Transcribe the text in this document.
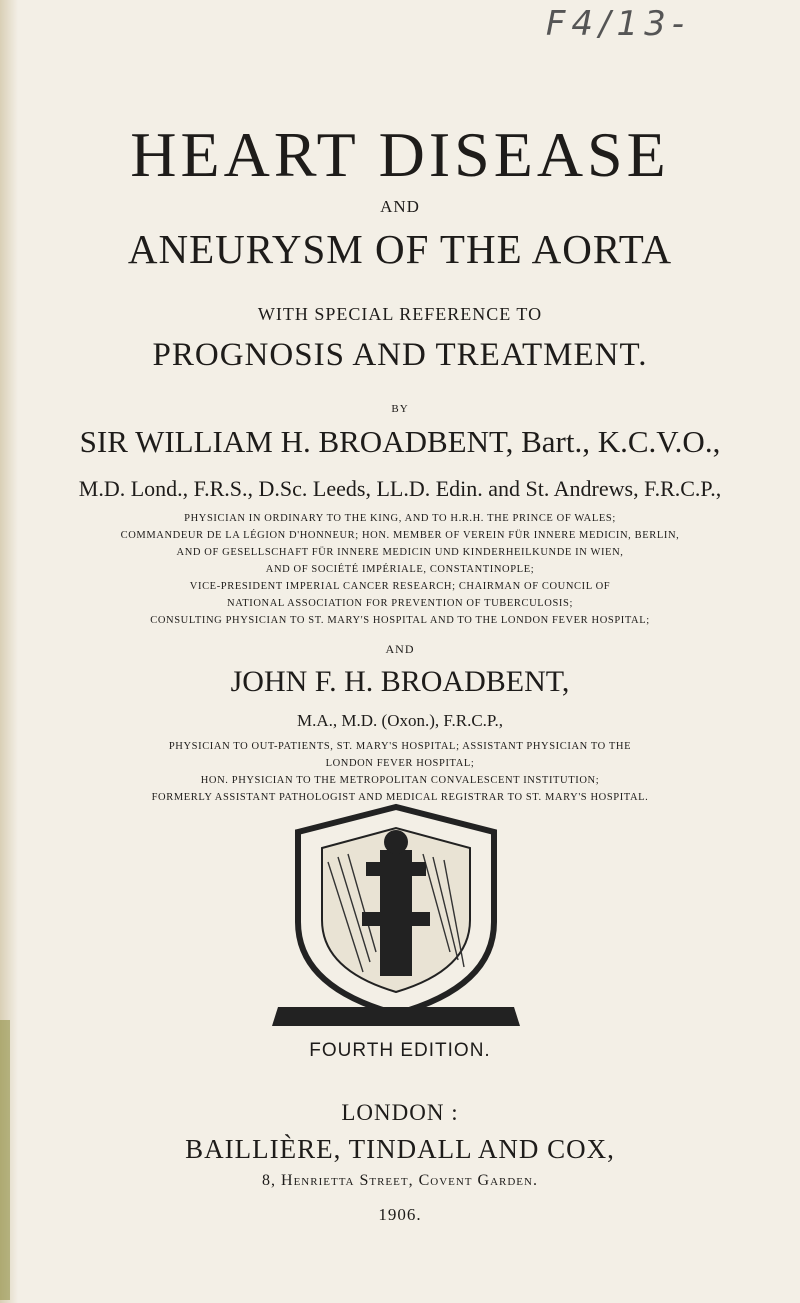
F4/13-
HEART DISEASE
AND
ANEURYSM OF THE AORTA
WITH SPECIAL REFERENCE TO
PROGNOSIS AND TREATMENT.
BY
SIR WILLIAM H. BROADBENT, Bart., K.C.V.O.,
M.D. Lond., F.R.S., D.Sc. Leeds, LL.D. Edin. and St. Andrews, F.R.C.P.,
PHYSICIAN IN ORDINARY TO THE KING, AND TO H.R.H. THE PRINCE OF WALES;
COMMANDEUR DE LA LÉGION D'HONNEUR; HON. MEMBER OF VEREIN FÜR INNERE MEDICIN, BERLIN,
AND OF GESELLSCHAFT FÜR INNERE MEDICIN UND KINDERHEILKUNDE IN WIEN,
AND OF SOCIÉTÉ IMPÉRIALE, CONSTANTINOPLE;
VICE-PRESIDENT IMPERIAL CANCER RESEARCH; CHAIRMAN OF COUNCIL OF
NATIONAL ASSOCIATION FOR PREVENTION OF TUBERCULOSIS;
CONSULTING PHYSICIAN TO ST. MARY'S HOSPITAL AND TO THE LONDON FEVER HOSPITAL;
AND
JOHN F. H. BROADBENT,
M.A., M.D. (Oxon.), F.R.C.P.,
PHYSICIAN TO OUT-PATIENTS, ST. MARY'S HOSPITAL; ASSISTANT PHYSICIAN TO THE
LONDON FEVER HOSPITAL;
HON. PHYSICIAN TO THE METROPOLITAN CONVALESCENT INSTITUTION;
FORMERLY ASSISTANT PATHOLOGIST AND MEDICAL REGISTRAR TO ST. MARY'S HOSPITAL.
FOURTH EDITION.
LONDON :
BAILLIÈRE, TINDALL AND COX,
8, Henrietta Street, Covent Garden.
1906.
